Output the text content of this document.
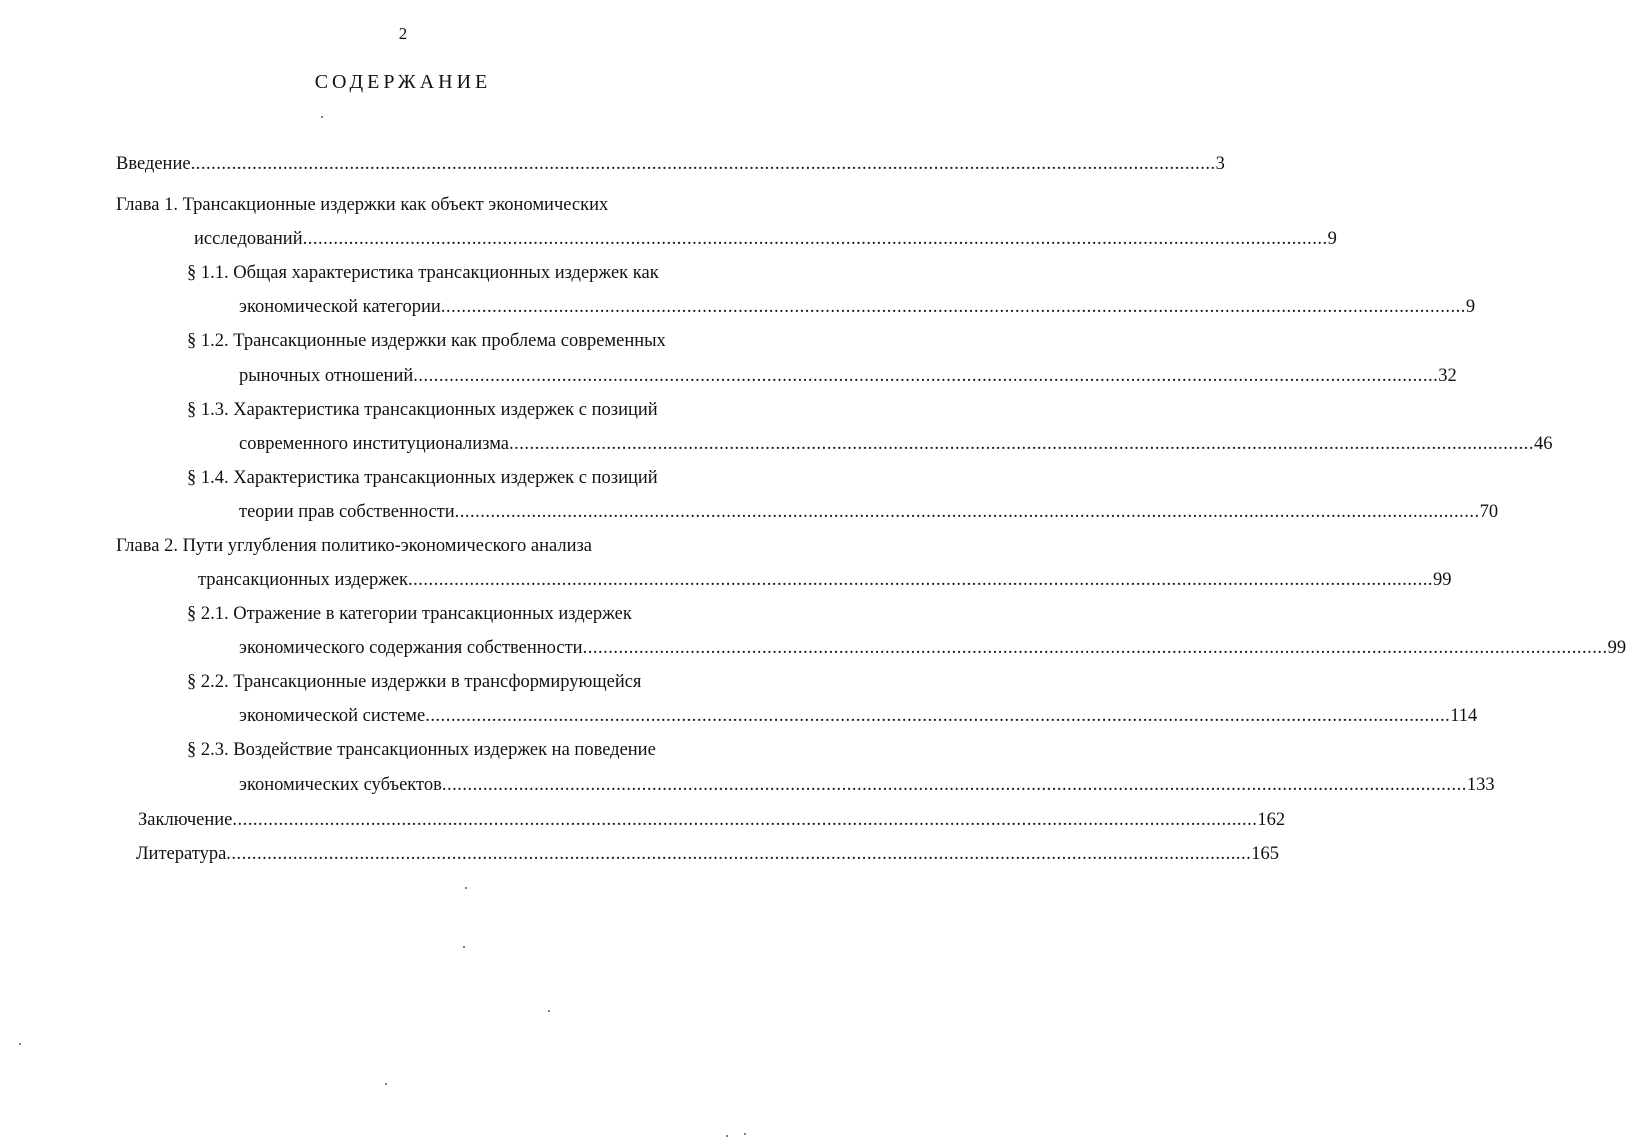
2
СОДЕРЖАНИЕ
Введение ........................................................................................................................................................................................................ 3
Глава 1. Трансакционные издержки как объект экономических
исследований ........................................................................................................................................................................................................ 9
§ 1.1. Общая характеристика трансакционных издержек как
экономической категории ........................................................................................................................................................................................................ 9
§ 1.2. Трансакционные издержки как проблема современных
рыночных отношений ........................................................................................................................................................................................................ 32
§ 1.3. Характеристика трансакционных издержек с позиций
современного институционализма ........................................................................................................................................................................................................ 46
§ 1.4. Характеристика трансакционных издержек с позиций
теории прав собственности ........................................................................................................................................................................................................ 70
Глава 2. Пути углубления политико-экономического анализа
трансакционных издержек ........................................................................................................................................................................................................ 99
§ 2.1. Отражение в категории трансакционных издержек
экономического содержания собственности ........................................................................................................................................................................................................ 99
§ 2.2. Трансакционные издержки в трансформирующейся
экономической системе ........................................................................................................................................................................................................ 114
§ 2.3. Воздействие трансакционных издержек на поведение
экономических субъектов ........................................................................................................................................................................................................ 133
Заключение ........................................................................................................................................................................................................ 162
Литература ........................................................................................................................................................................................................ 165
